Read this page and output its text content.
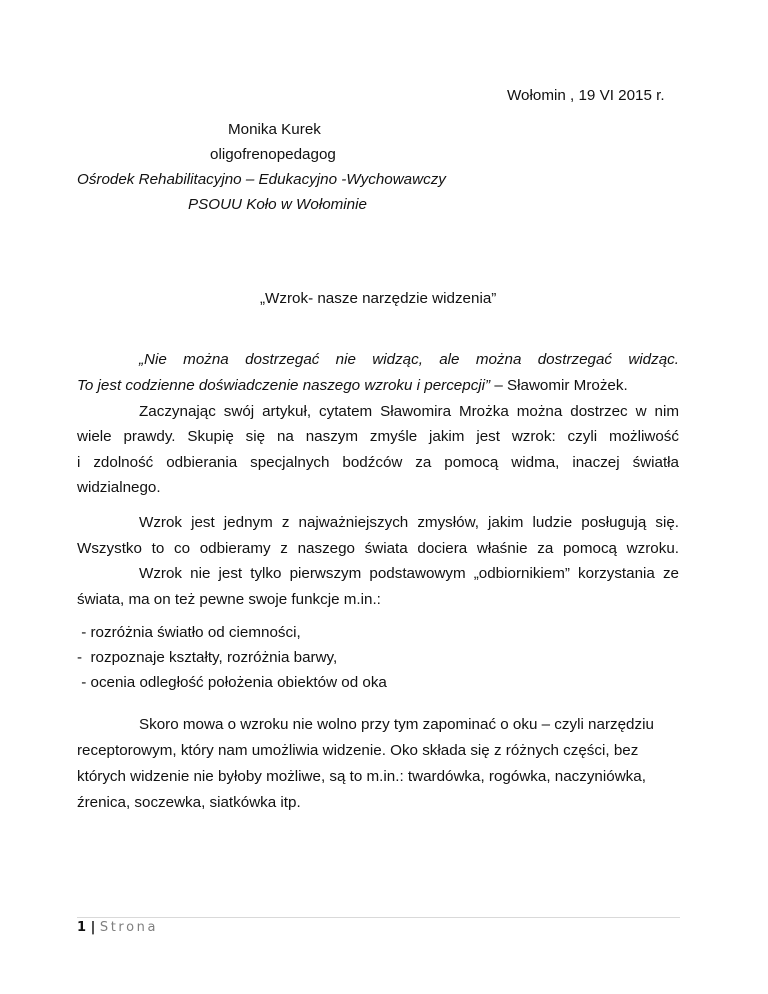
Wołomin , 19 VI 2015 r.
Monika Kurek
oligofrenopedagog
Ośrodek Rehabilitacyjno – Edukacyjno -Wychowawczy
PSOUU Koło w Wołominie
„Wzrok- nasze narzędzie widzenia”
„Nie można dostrzegać nie widząc, ale można dostrzegać widząc.
To jest codzienne doświadczenie naszego wzroku i percepcji” – Sławomir Mrożek.
Zaczynając swój artykuł, cytatem Sławomira Mrożka można dostrzec w nim
wiele prawdy. Skupię się na naszym zmyśle jakim jest wzrok: czyli możliwość
i zdolność odbierania specjalnych bodźców za pomocą widma, inaczej światła
widzialnego.
Wzrok jest jednym z najważniejszych zmysłów, jakim ludzie posługują się.
Wszystko to co odbieramy z naszego świata dociera właśnie za pomocą wzroku.
Wzrok nie jest tylko pierwszym podstawowym „odbiornikiem” korzystania ze
świata, ma on też pewne swoje funkcje m.in.:
- rozróżnia światło od ciemności,
-  rozpoznaje kształty, rozróżnia barwy,
- ocenia odległość położenia obiektów od oka
Skoro mowa o wzroku nie wolno przy tym zapominać o oku – czyli narzędziu
receptorowym, który nam umożliwia widzenie. Oko składa się z różnych części, bez
których widzenie nie byłoby możliwe, są to m.in.: twardówka, rogówka, naczyniówka,
źrenica, soczewka, siatkówka itp.
1 | Strona
